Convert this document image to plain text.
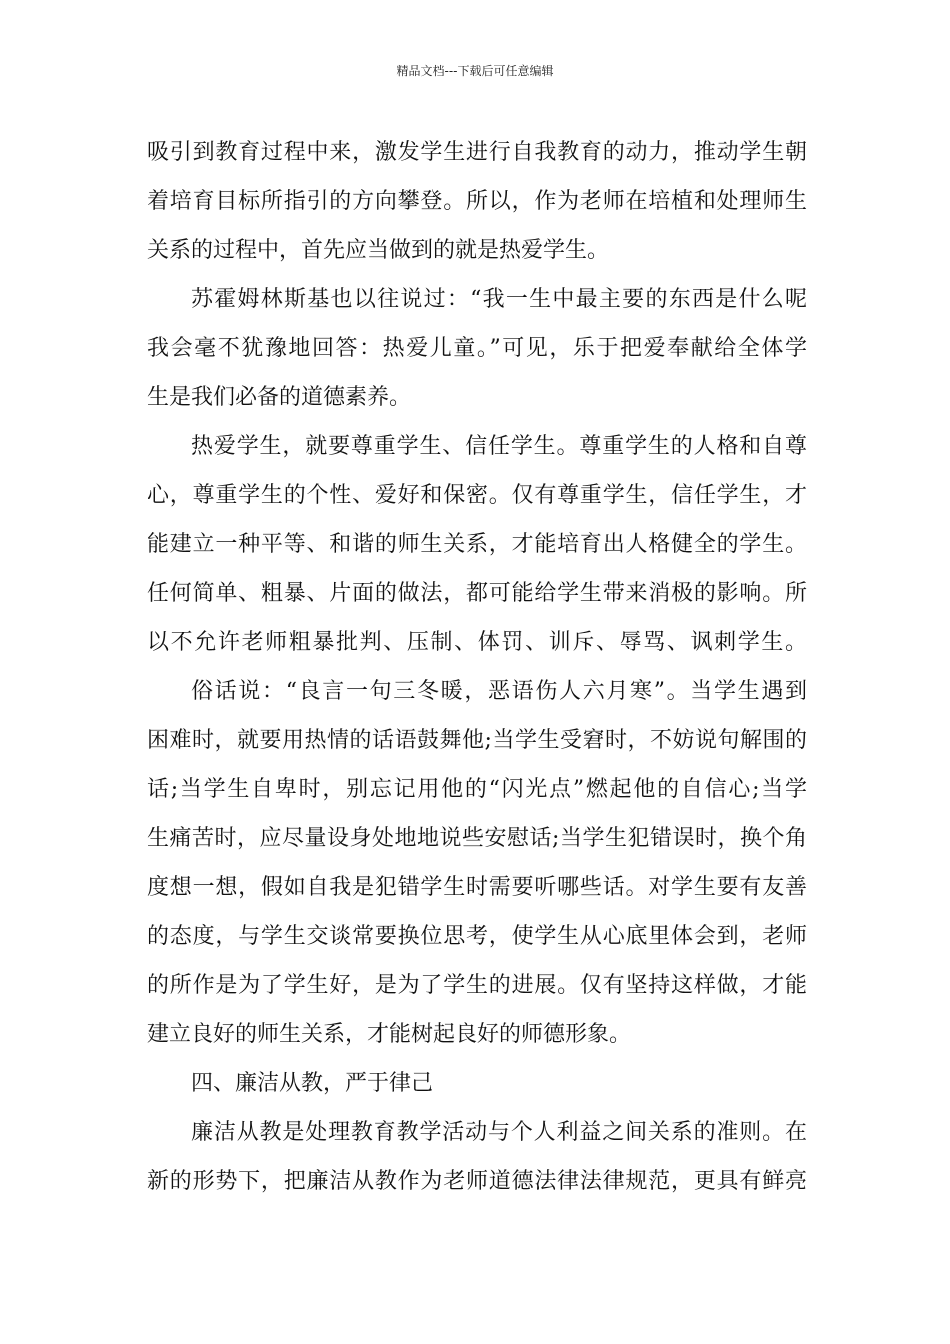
精品文档---下载后可任意编辑
吸引到教育过程中来，激发学生进行自我教育的动力，推动学生朝
着培育目标所指引的方向攀登。所以，作为老师在培植和处理师生
关系的过程中，首先应当做到的就是热爱学生。
苏霍姆林斯基也以往说过：“我一生中最主要的东西是什么呢
我会毫不犹豫地回答：热爱儿童。”可见，乐于把爱奉献给全体学
生是我们必备的道德素养。
热爱学生，就要尊重学生、信任学生。尊重学生的人格和自尊
心，尊重学生的个性、爱好和保密。仅有尊重学生，信任学生，才
能建立一种平等、和谐的师生关系，才能培育出人格健全的学生。
任何简单、粗暴、片面的做法，都可能给学生带来消极的影响。所
以不允许老师粗暴批判、压制、体罚、训斥、辱骂、讽刺学生。
俗话说：“良言一句三冬暖，恶语伤人六月寒”。当学生遇到
困难时，就要用热情的话语鼓舞他;当学生受窘时，不妨说句解围的
话;当学生自卑时，别忘记用他的“闪光点”燃起他的自信心;当学
生痛苦时，应尽量设身处地地说些安慰话;当学生犯错误时，换个角
度想一想，假如自我是犯错学生时需要听哪些话。对学生要有友善
的态度，与学生交谈常要换位思考，使学生从心底里体会到，老师
的所作是为了学生好，是为了学生的进展。仅有坚持这样做，才能
建立良好的师生关系，才能树起良好的师德形象。
四、廉洁从教，严于律己
廉洁从教是处理教育教学活动与个人利益之间关系的准则。在
新的形势下，把廉洁从教作为老师道德法律法律规范，更具有鲜亮
